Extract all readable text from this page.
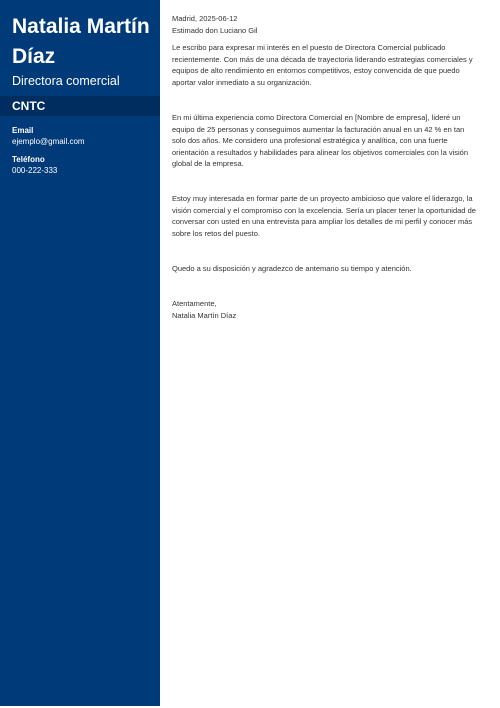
Natalia Martín Díaz
Directora comercial
CNTC
Email
ejemplo@gmail.com
Teléfono
000-222-333
Madrid, 2025-06-12
Estimado don Luciano Gil
Le escribo para expresar mi interés en el puesto de Directora Comercial publicado recientemente. Con más de una década de trayectoria liderando estrategias comerciales y equipos de alto rendimiento en entornos competitivos, estoy convencida de que puedo aportar valor inmediato a su organización.
En mi última experiencia como Directora Comercial en [Nombre de empresa], lideré un equipo de 25 personas y conseguimos aumentar la facturación anual en un 42 % en tan solo dos años. Me considero una profesional estratégica y analítica, con una fuerte orientación a resultados y habilidades para alinear los objetivos comerciales con la visión global de la empresa.
Estoy muy interesada en formar parte de un proyecto ambicioso que valore el liderazgo, la visión comercial y el compromiso con la excelencia. Sería un placer tener la oportunidad de conversar con usted en una entrevista para ampliar los detalles de mi perfil y conocer más sobre los retos del puesto.
Quedo a su disposición y agradezco de antemano su tiempo y atención.
Atentamente,
Natalia Martín Díaz
